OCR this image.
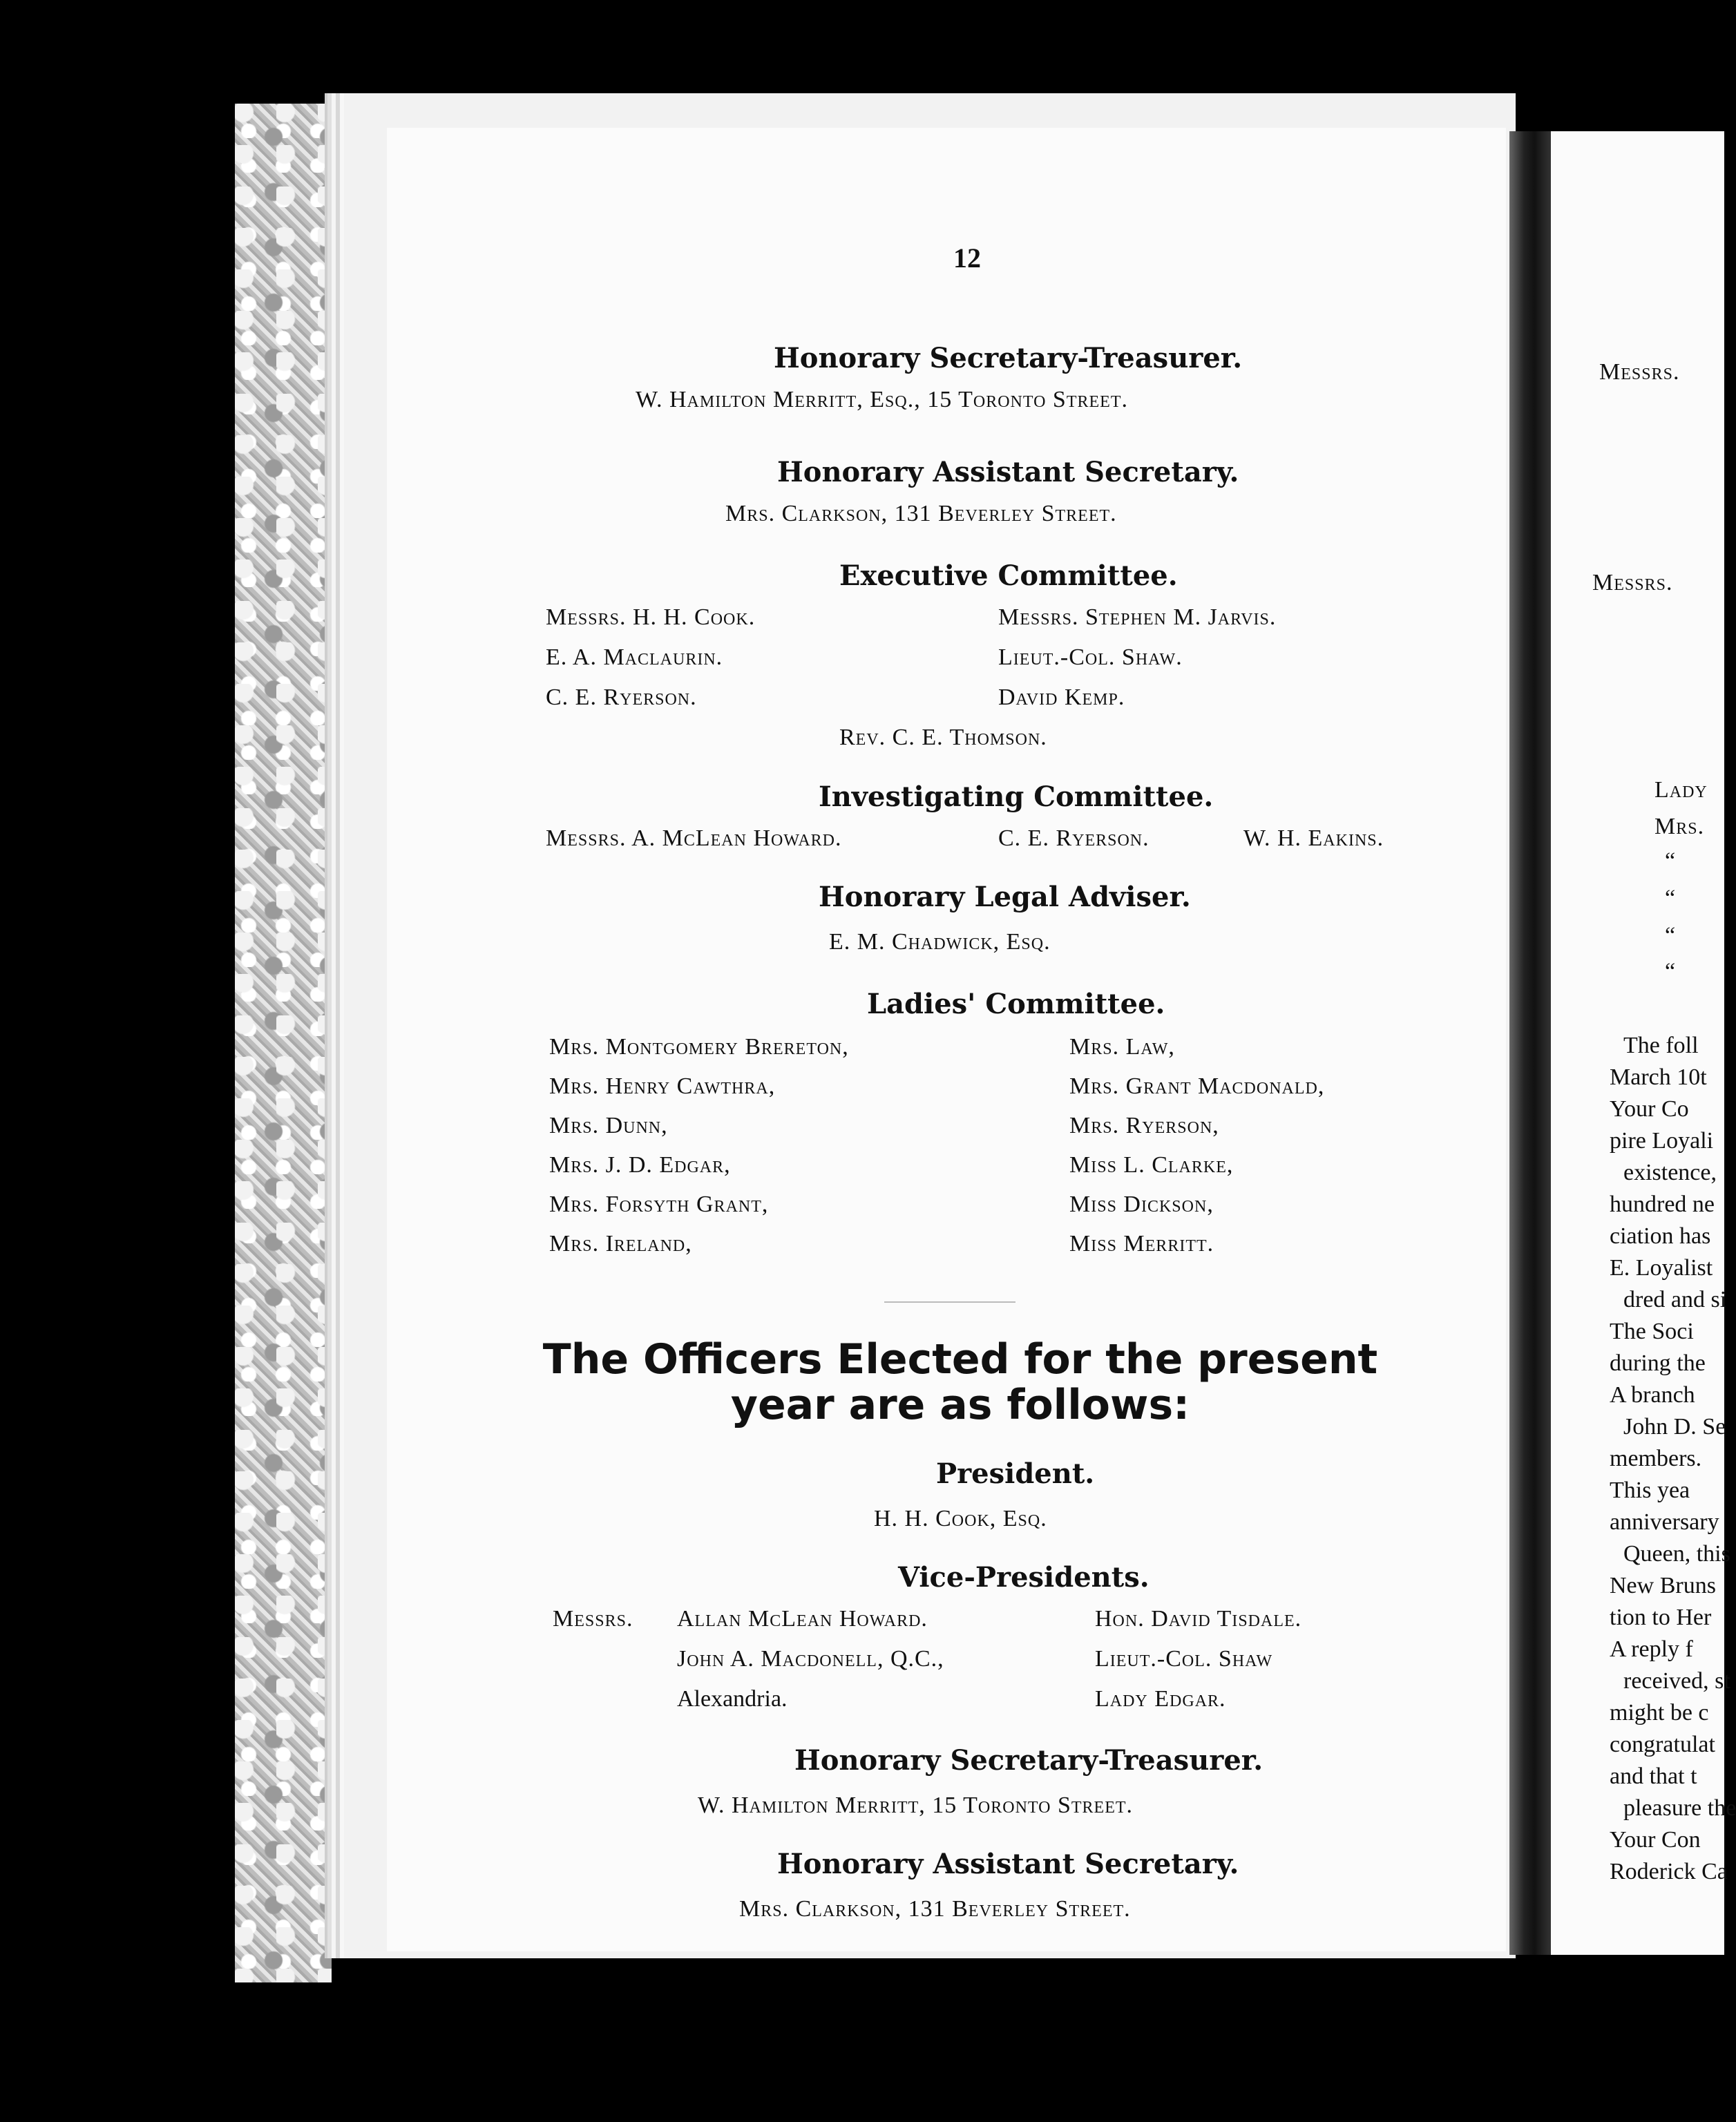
Messrs.
Messrs.
Lady
Mrs.
“
“
“
“
The foll
March 10t
Your Co
pire Loyali
existence,
hundred ne
ciation has
E. Loyalist
dred and si
The Soci
during the
A branch
John D. Se
members.
This yea
anniversary
Queen, this
New Bruns
tion to Her
A reply f
received, st
might be c
congratulat
and that t
pleasure the
Your Con
Roderick Ca
12
Honorary Secretary-Treasurer.
W. Hamilton Merritt, Esq., 15 Toronto Street.
Honorary Assistant Secretary.
Mrs. Clarkson, 131 Beverley Street.
Executive Committee.
Messrs. H. H. Cook.
E. A. Maclaurin.
C. E. Ryerson.
Messrs. Stephen M. Jarvis.
Lieut.-Col. Shaw.
David Kemp.
Rev. C. E. Thomson.
Investigating Committee.
Messrs. A. McLean Howard.	C. E. Ryerson.	W. H. Eakins.
Honorary Legal Adviser.
E. M. Chadwick, Esq.
Ladies' Committee.
Mrs. Montgomery Brereton,
Mrs. Henry Cawthra,
Mrs. Dunn,
Mrs. J. D. Edgar,
Mrs. Forsyth Grant,
Mrs. Ireland,
Mrs. Law,
Mrs. Grant Macdonald,
Mrs. Ryerson,
Miss L. Clarke,
Miss Dickson,
Miss Merritt.
The Officers Elected for the present year are as follows:
President.
H. H. Cook, Esq.
Vice-Presidents.
Messrs. Allan McLean Howard.
John A. Macdonell, Q.C.,
Alexandria.
Hon. David Tisdale.
Lieut.-Col. Shaw
Lady Edgar.
Honorary Secretary-Treasurer.
W. Hamilton Merritt, 15 Toronto Street.
Honorary Assistant Secretary.
Mrs. Clarkson, 131 Beverley Street.
